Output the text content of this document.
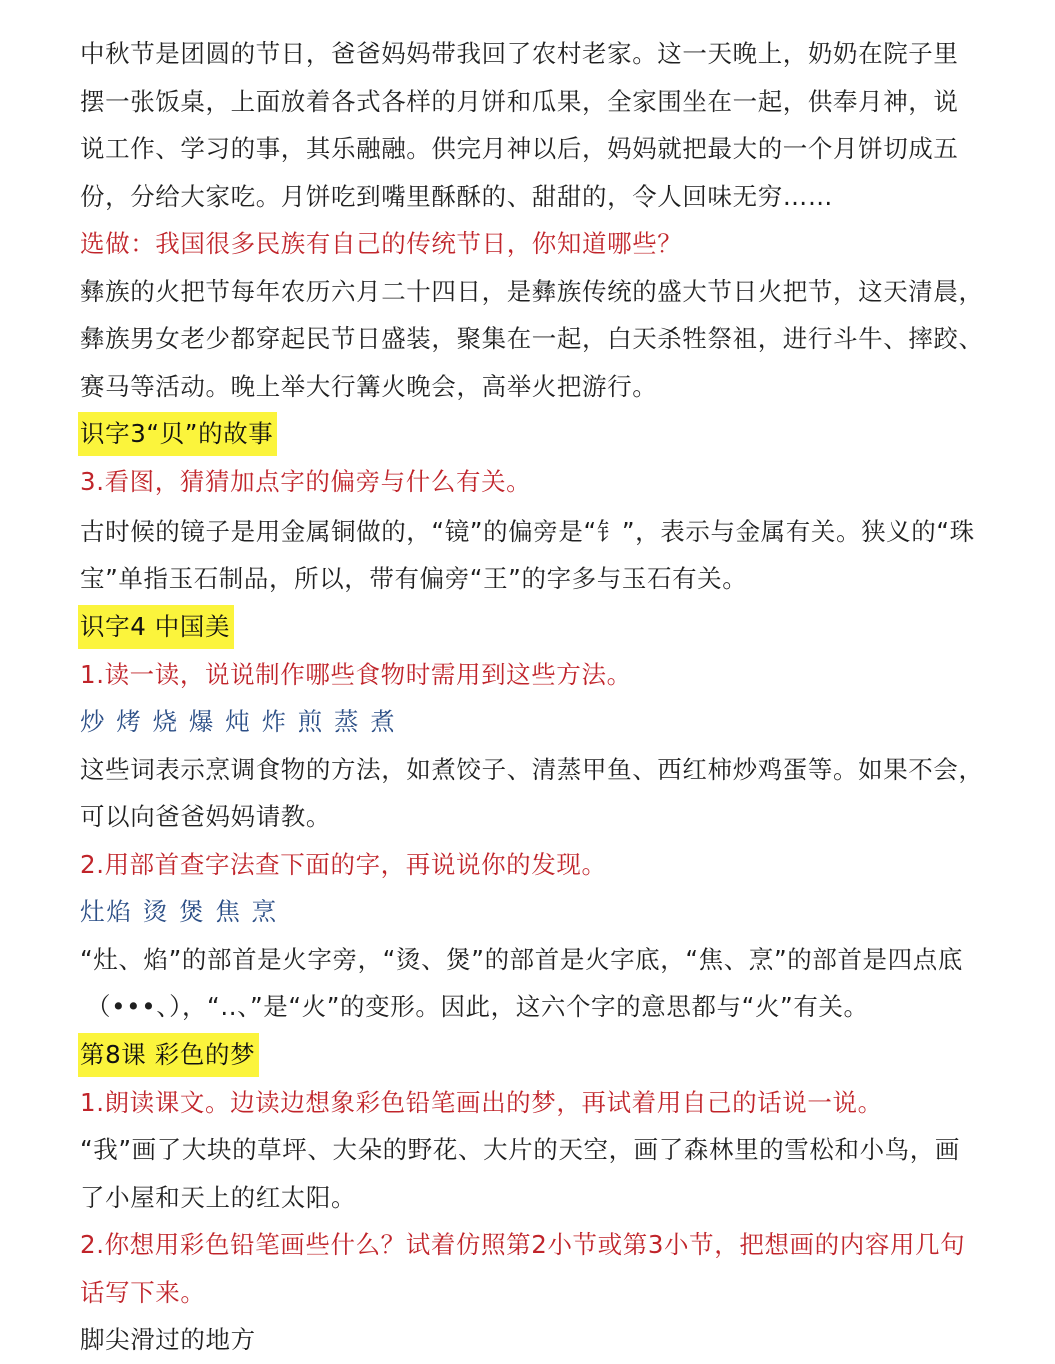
中秋节是团圆的节日，爸爸妈妈带我回了农村老家。这一天晚上，奶奶在院子里
摆一张饭桌，上面放着各式各样的月饼和瓜果，全家围坐在一起，供奉月神，说
说工作、学习的事，其乐融融。供完月神以后，妈妈就把最大的一个月饼切成五
份，分给大家吃。月饼吃到嘴里酥酥的、甜甜的，令人回味无穷……

选做：我国很多民族有自己的传统节日，你知道哪些？

彝族的火把节每年农历六月二十四日，是彝族传统的盛大节日火把节，这天清晨，
彝族男女老少都穿起民节日盛装，聚集在一起，白天杀牲祭祖，进行斗牛、摔跤、
赛马等活动。晚上举大行篝火晚会，高举火把游行。

识字3“贝”的故事

3.看图，猜猜加点字的偏旁与什么有关。

古时候的镜子是用金属铜做的，“镜”的偏旁是“钅”，表示与金属有关。狭义的“珠
宝”单指玉石制品，所以，带有偏旁“王”的字多与玉石有关。

识字4 中国美

1.读一读，说说制作哪些食物时需用到这些方法。

炒 烤 烧 爆 炖 炸 煎 蒸 煮

这些词表示烹调食物的方法，如煮饺子、清蒸甲鱼、西红柿炒鸡蛋等。如果不会，
可以向爸爸妈妈请教。

2.用部首查字法查下面的字，再说说你的发现。

灶焰 烫 煲 焦 烹

“灶、焰”的部首是火字旁，“烫、煲”的部首是火字底，“焦、烹”的部首是四点底
（•••、），“..、”是“火”的变形。因此，这六个字的意思都与“火”有关。

第8课 彩色的梦

1.朗读课文。边读边想象彩色铅笔画出的梦，再试着用自己的话说一说。

“我”画了大块的草坪、大朵的野花、大片的天空，画了森林里的雪松和小鸟，画
了小屋和天上的红太阳。

2.你想用彩色铅笔画些什么？试着仿照第2小节或第3小节，把想画的内容用几句
话写下来。

脚尖滑过的地方
